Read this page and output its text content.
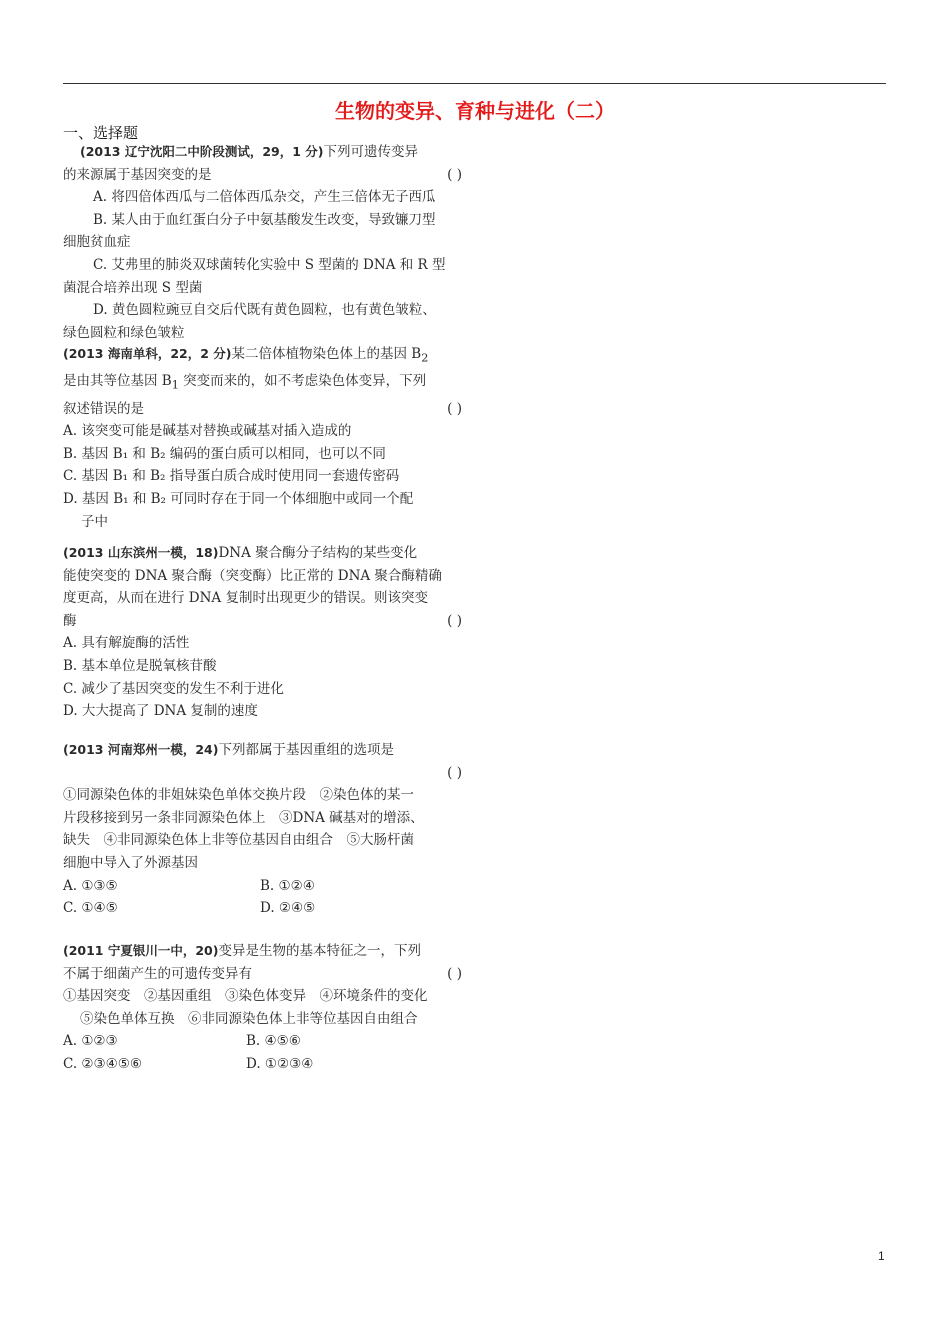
生物的变异、育种与进化（二）
一、选择题

(2013 辽宁沈阳二中阶段测试，29，1 分)下列可遗传变异

的来源属于基因突变的是	( )

A. 将四倍体西瓜与二倍体西瓜杂交，产生三倍体无子西瓜

B. 某人由于血红蛋白分子中氨基酸发生改变，导致镰刀型

细胞贫血症

C. 艾弗里的肺炎双球菌转化实验中 S 型菌的 DNA 和 R 型

菌混合培养出现 S 型菌

D. 黄色圆粒豌豆自交后代既有黄色圆粒，也有黄色皱粒、

绿色圆粒和绿色皱粒

(2013 海南单科，22，2 分)某二倍体植物染色体上的基因 $B_2$

是由其等位基因 $B_1$ 突变而来的，如不考虑染色体变异，下列

叙述错误的是	( )

A. 该突变可能是碱基对替换或碱基对插入造成的

B. 基因 B₁ 和 B₂ 编码的蛋白质可以相同，也可以不同

C. 基因 B₁ 和 B₂ 指导蛋白质合成时使用同一套遗传密码

D. 基因 B₁ 和 B₂ 可同时存在于同一个体细胞中或同一个配

子中

(2013 山东滨州一模，18)DNA 聚合酶分子结构的某些变化

能使突变的 DNA 聚合酶（突变酶）比正常的 DNA 聚合酶精确

度更高，从而在进行 DNA 复制时出现更少的错误。则该突变

酶	( )

A. 具有解旋酶的活性

B. 基本单位是脱氧核苷酸

C. 减少了基因突变的发生不利于进化

D. 大大提高了 DNA 复制的速度

(2013 河南郑州一模，24)下列都属于基因重组的选项是

( )

①同源染色体的非姐妹染色单体交换片段　②染色体的某一

片段移接到另一条非同源染色体上　③DNA 碱基对的增添、

缺失　④非同源染色体上非等位基因自由组合　⑤大肠杆菌

细胞中导入了外源基因

A. ①③⑤	B. ①②④

C. ①④⑤	D. ②④⑤

(2011 宁夏银川一中，20)变异是生物的基本特征之一，下列

不属于细菌产生的可遗传变异有	( )

①基因突变　②基因重组　③染色体变异　④环境条件的变化

⑤染色单体互换　⑥非同源染色体上非等位基因自由组合

A. ①②③	B. ④⑤⑥

C. ②③④⑤⑥	D. ①②③④

1
